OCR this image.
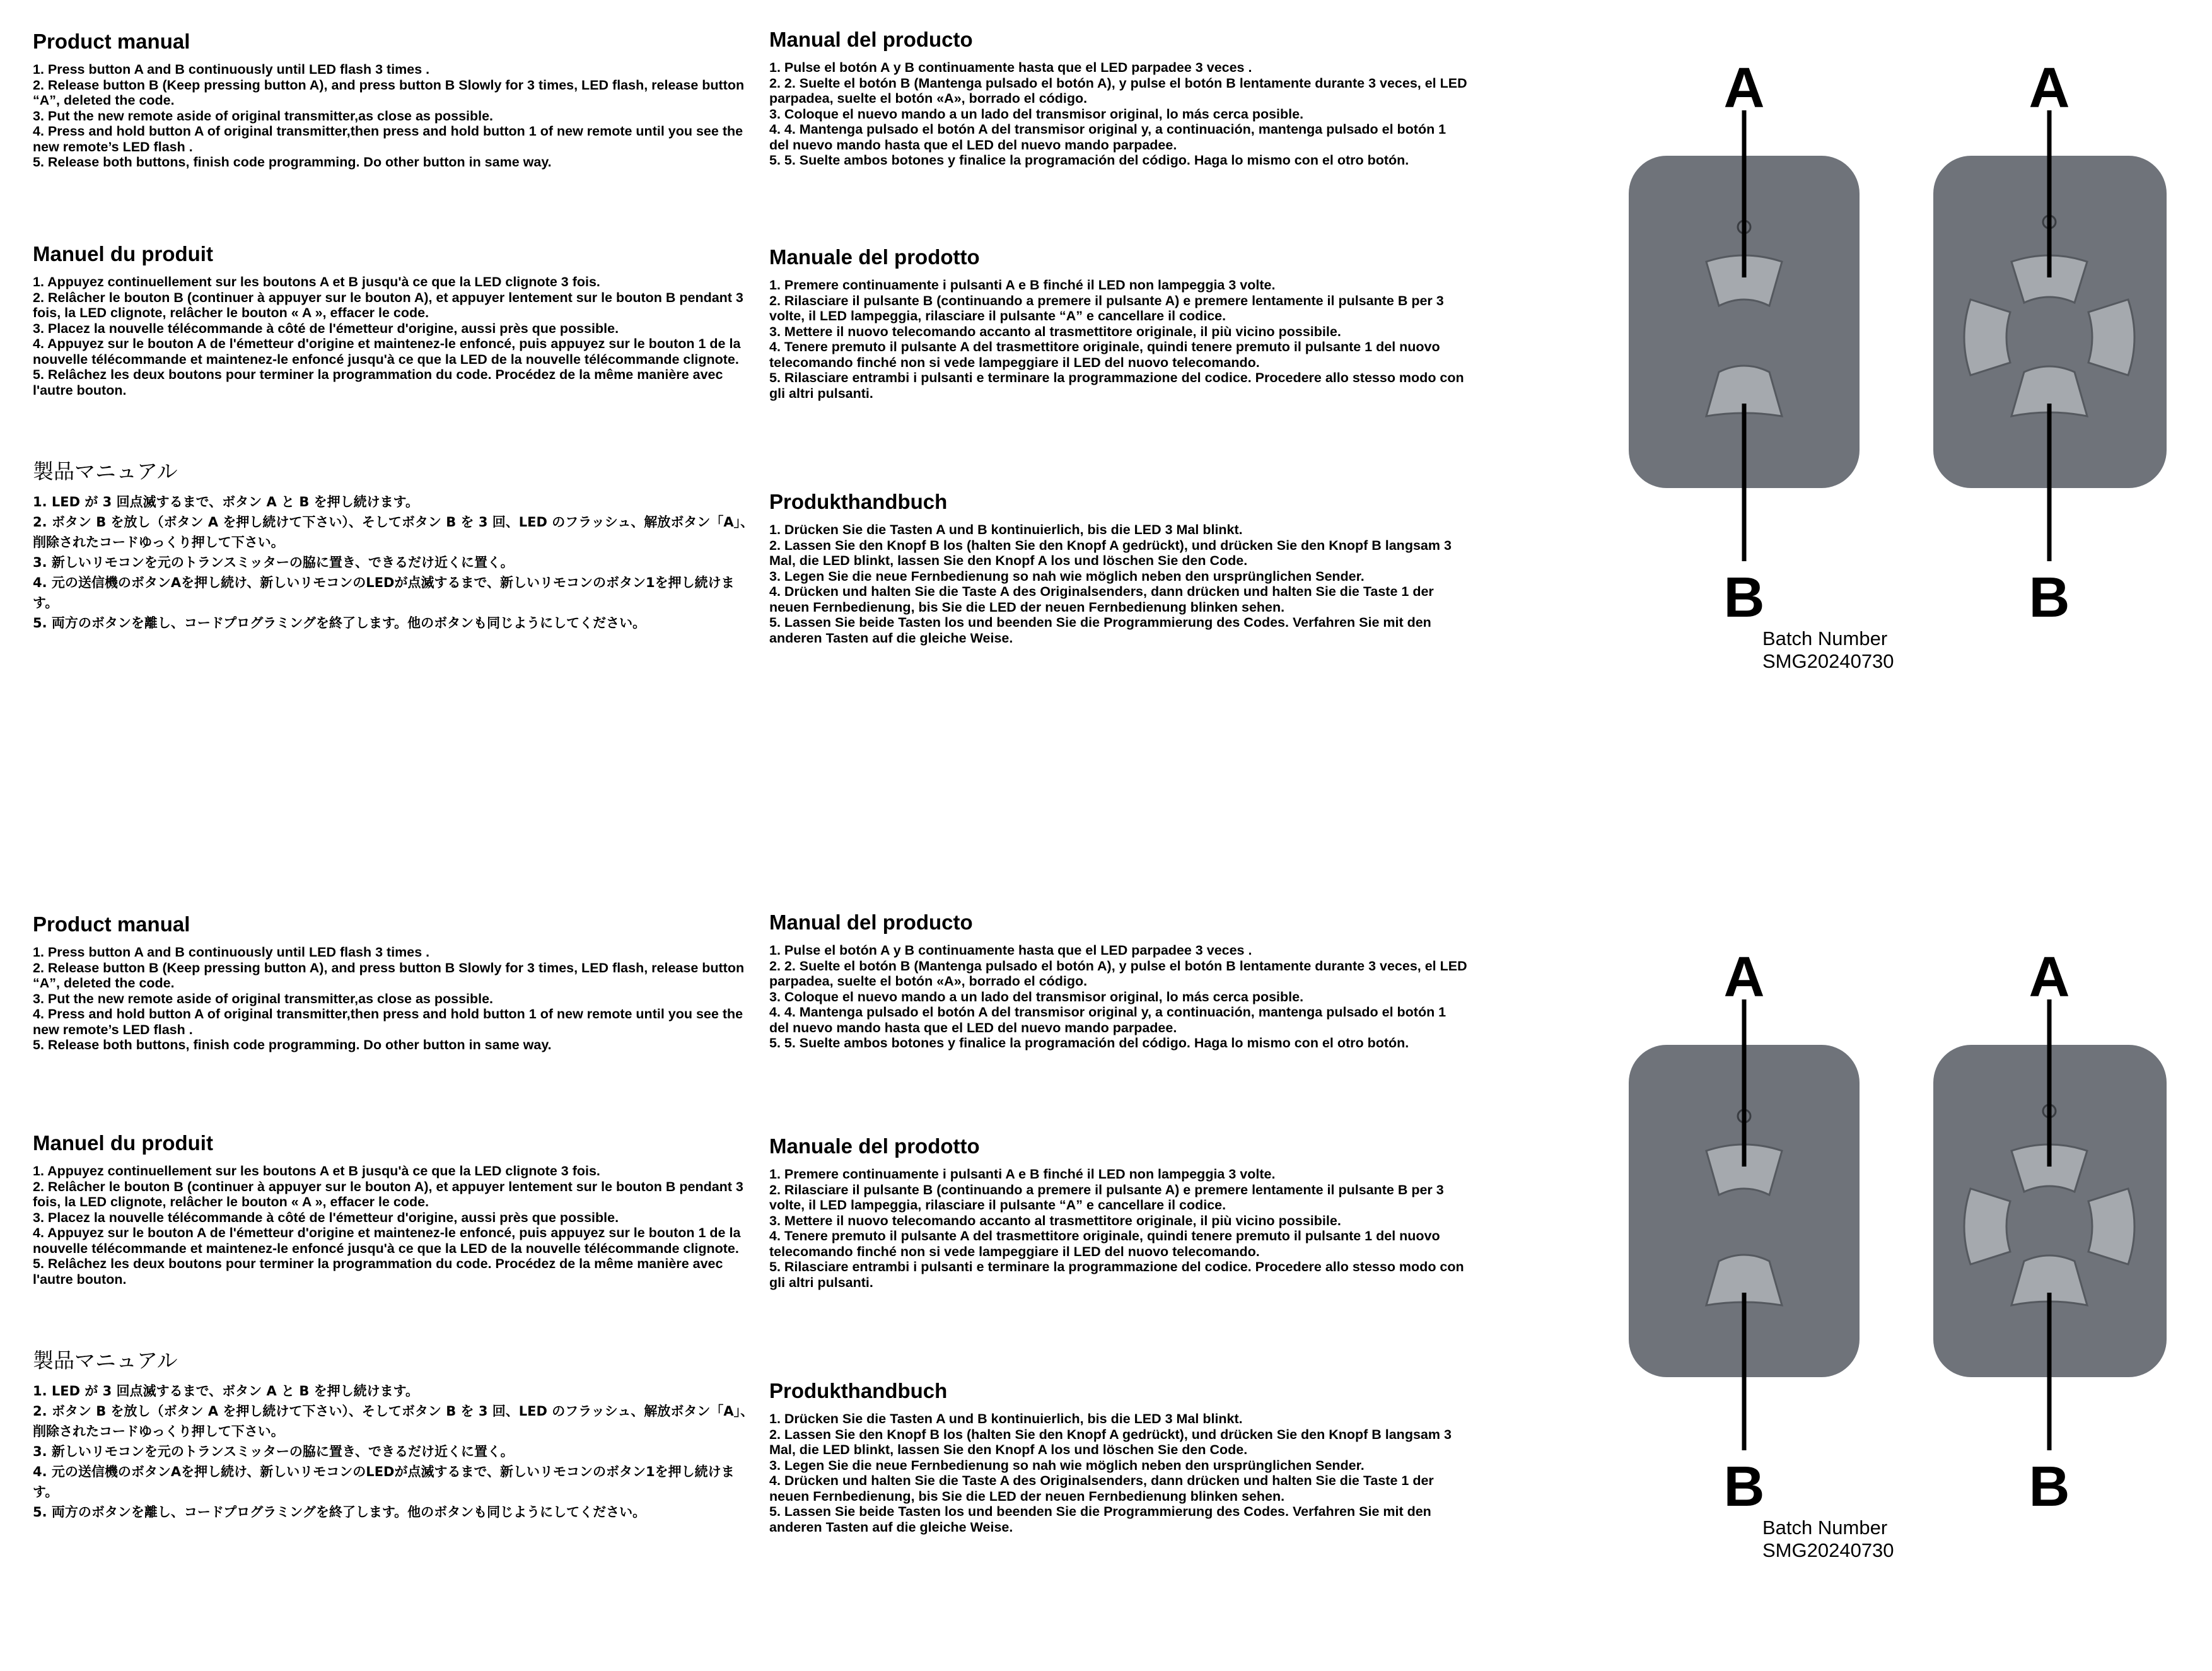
Product manual
1. Press button A and B continuously until LED flash 3 times .
2. Release button B (Keep pressing button A), and press button B Slowly for 3 times, LED flash, release button “A”, deleted the code.
3. Put the new remote aside of original transmitter,as close as possible.
4. Press and hold button A of original transmitter,then press and hold button 1 of new remote until you see the new remote’s LED flash .
5. Release both buttons, finish code programming. Do other button in same way.
Manual del producto
1. Pulse el botón A y B continuamente hasta que el LED parpadee 3 veces .
2. 2. Suelte el botón B (Mantenga pulsado el botón A), y pulse el botón B lentamente durante 3 veces, el LED parpadea, suelte el botón «A», borrado el código.
3. Coloque el nuevo mando a un lado del transmisor original, lo más cerca posible.
4. 4. Mantenga pulsado el botón A del transmisor original y, a continuación, mantenga pulsado el botón 1 del nuevo mando hasta que el LED del nuevo mando parpadee.
5. 5. Suelte ambos botones y finalice la programación del código. Haga lo mismo con el otro botón.
Manuel du produit
1. Appuyez continuellement sur les boutons A et B jusqu'à ce que la LED clignote 3 fois.
2. Relâcher le bouton B (continuer à appuyer sur le bouton A), et appuyer lentement sur le bouton B pendant 3 fois, la LED clignote, relâcher le bouton « A », effacer le code.
3. Placez la nouvelle télécommande à côté de l'émetteur d'origine, aussi près que possible.
4. Appuyez sur le bouton A de l'émetteur d'origine et maintenez-le enfoncé, puis appuyez sur le bouton 1 de la nouvelle télécommande et maintenez-le enfoncé jusqu'à ce que la LED de la nouvelle télécommande clignote.
5. Relâchez les deux boutons pour terminer la programmation du code. Procédez de la même manière avec l'autre bouton.
Manuale del prodotto
1. Premere continuamente i pulsanti A e B finché il LED non lampeggia 3 volte.
2. Rilasciare il pulsante B (continuando a premere il pulsante A) e premere lentamente il pulsante B per 3 volte, il LED lampeggia, rilasciare il pulsante “A” e cancellare il codice.
3. Mettere il nuovo telecomando accanto al trasmettitore originale, il più vicino possibile.
4. Tenere premuto il pulsante A del trasmettitore originale, quindi tenere premuto il pulsante 1 del nuovo telecomando finché non si vede lampeggiare il LED del nuovo telecomando.
5. Rilasciare entrambi i pulsanti e terminare la programmazione del codice. Procedere allo stesso modo con gli altri pulsanti.
製品マニュアル
1. LED が 3 回点滅するまで、ボタン A と B を押し続けます。
2. ボタン B を放し（ボタン A を押し続けて下さい）、そしてボタン B を 3 回、LED のフラッシュ、解放ボタン「A」、削除されたコードゆっくり押して下さい。
3. 新しいリモコンを元のトランスミッターの脇に置き、できるだけ近くに置く。
4. 元の送信機のボタンAを押し続け、新しいリモコンのLEDが点滅するまで、新しいリモコンのボタン1を押し続けます。
5. 両方のボタンを離し、コードプログラミングを終了します。他のボタンも同じようにしてください。
Produkthandbuch
1. Drücken Sie die Tasten A und B kontinuierlich, bis die LED 3 Mal blinkt.
2. Lassen Sie den Knopf B los (halten Sie den Knopf A gedrückt), und drücken Sie den Knopf B langsam 3 Mal, die LED blinkt, lassen Sie den Knopf A los und löschen Sie den Code.
3. Legen Sie die neue Fernbedienung so nah wie möglich neben den ursprünglichen Sender.
4. Drücken und halten Sie die Taste A des Originalsenders, dann drücken und halten Sie die Taste 1 der neuen Fernbedienung, bis Sie die LED der neuen Fernbedienung blinken sehen.
5. Lassen Sie beide Tasten los und beenden Sie die Programmierung des Codes. Verfahren Sie mit den anderen Tasten auf die gleiche Weise.
A
B
A
B
Batch Number SMG20240730
Product manual
1. Press button A and B continuously until LED flash 3 times .
2. Release button B (Keep pressing button A), and press button B Slowly for 3 times, LED flash, release button “A”, deleted the code.
3. Put the new remote aside of original transmitter,as close as possible.
4. Press and hold button A of original transmitter,then press and hold button 1 of new remote until you see the new remote’s LED flash .
5. Release both buttons, finish code programming. Do other button in same way.
Manual del producto
1. Pulse el botón A y B continuamente hasta que el LED parpadee 3 veces .
2. 2. Suelte el botón B (Mantenga pulsado el botón A), y pulse el botón B lentamente durante 3 veces, el LED parpadea, suelte el botón «A», borrado el código.
3. Coloque el nuevo mando a un lado del transmisor original, lo más cerca posible.
4. 4. Mantenga pulsado el botón A del transmisor original y, a continuación, mantenga pulsado el botón 1 del nuevo mando hasta que el LED del nuevo mando parpadee.
5. 5. Suelte ambos botones y finalice la programación del código. Haga lo mismo con el otro botón.
Manuel du produit
1. Appuyez continuellement sur les boutons A et B jusqu'à ce que la LED clignote 3 fois.
2. Relâcher le bouton B (continuer à appuyer sur le bouton A), et appuyer lentement sur le bouton B pendant 3 fois, la LED clignote, relâcher le bouton « A », effacer le code.
3. Placez la nouvelle télécommande à côté de l'émetteur d'origine, aussi près que possible.
4. Appuyez sur le bouton A de l'émetteur d'origine et maintenez-le enfoncé, puis appuyez sur le bouton 1 de la nouvelle télécommande et maintenez-le enfoncé jusqu'à ce que la LED de la nouvelle télécommande clignote.
5. Relâchez les deux boutons pour terminer la programmation du code. Procédez de la même manière avec l'autre bouton.
Manuale del prodotto
1. Premere continuamente i pulsanti A e B finché il LED non lampeggia 3 volte.
2. Rilasciare il pulsante B (continuando a premere il pulsante A) e premere lentamente il pulsante B per 3 volte, il LED lampeggia, rilasciare il pulsante “A” e cancellare il codice.
3. Mettere il nuovo telecomando accanto al trasmettitore originale, il più vicino possibile.
4. Tenere premuto il pulsante A del trasmettitore originale, quindi tenere premuto il pulsante 1 del nuovo telecomando finché non si vede lampeggiare il LED del nuovo telecomando.
5. Rilasciare entrambi i pulsanti e terminare la programmazione del codice. Procedere allo stesso modo con gli altri pulsanti.
製品マニュアル
1. LED が 3 回点滅するまで、ボタン A と B を押し続けます。
2. ボタン B を放し（ボタン A を押し続けて下さい）、そしてボタン B を 3 回、LED のフラッシュ、解放ボタン「A」、削除されたコードゆっくり押して下さい。
3. 新しいリモコンを元のトランスミッターの脇に置き、できるだけ近くに置く。
4. 元の送信機のボタンAを押し続け、新しいリモコンのLEDが点滅するまで、新しいリモコンのボタン1を押し続けます。
5. 両方のボタンを離し、コードプログラミングを終了します。他のボタンも同じようにしてください。
Produkthandbuch
1. Drücken Sie die Tasten A und B kontinuierlich, bis die LED 3 Mal blinkt.
2. Lassen Sie den Knopf B los (halten Sie den Knopf A gedrückt), und drücken Sie den Knopf B langsam 3 Mal, die LED blinkt, lassen Sie den Knopf A los und löschen Sie den Code.
3. Legen Sie die neue Fernbedienung so nah wie möglich neben den ursprünglichen Sender.
4. Drücken und halten Sie die Taste A des Originalsenders, dann drücken und halten Sie die Taste 1 der neuen Fernbedienung, bis Sie die LED der neuen Fernbedienung blinken sehen.
5. Lassen Sie beide Tasten los und beenden Sie die Programmierung des Codes. Verfahren Sie mit den anderen Tasten auf die gleiche Weise.
A
B
A
B
Batch Number SMG20240730
